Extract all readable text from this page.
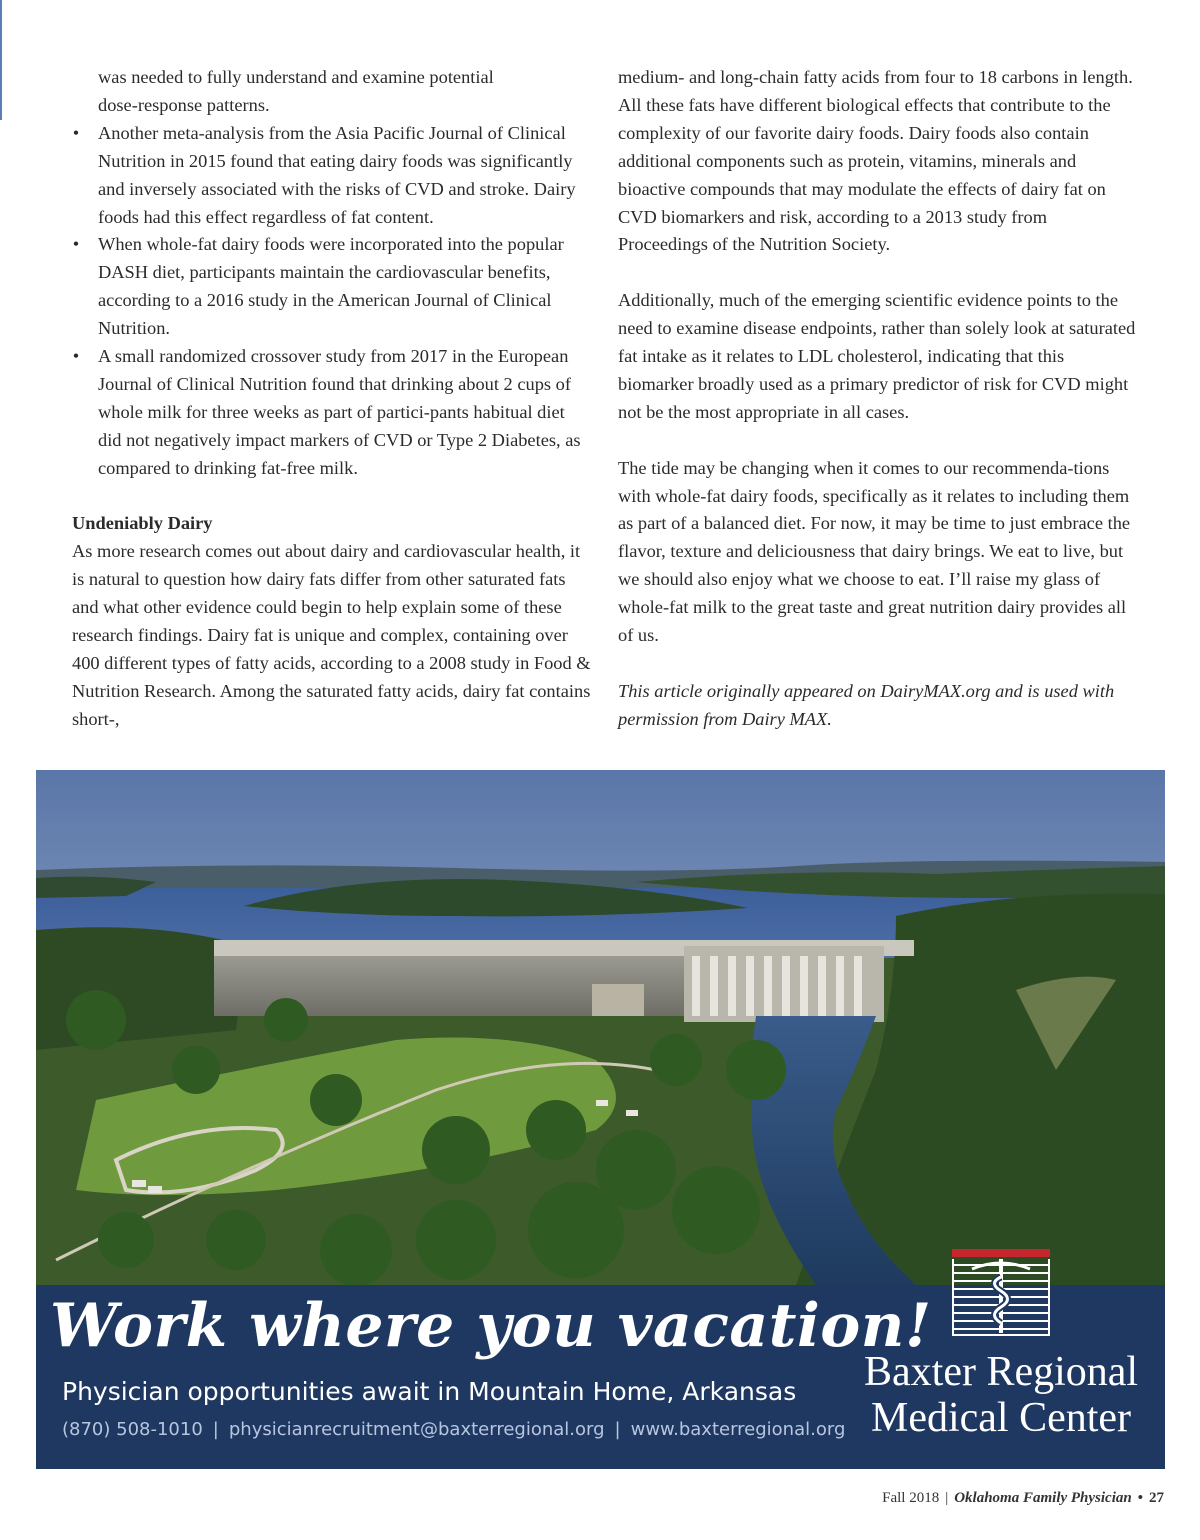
was needed to fully understand and examine potential

dose-response patterns.

• Another meta-analysis from the Asia Pacific Journal of Clinical Nutrition in 2015 found that eating dairy foods was significantly and inversely associated with the risks of CVD and stroke. Dairy foods had this effect regardless of fat content.
• When whole-fat dairy foods were incorporated into the popular DASH diet, participants maintain the cardiovascular benefits, according to a 2016 study in the American Journal of Clinical Nutrition.
• A small randomized crossover study from 2017 in the European Journal of Clinical Nutrition found that drinking about 2 cups of whole milk for three weeks as part of partici-pants habitual diet did not negatively impact markers of CVD or Type 2 Diabetes, as compared to drinking fat-free milk.
Undeniably Dairy

As more research comes out about dairy and cardiovascular health, it is natural to question how dairy fats differ from other saturated fats and what other evidence could begin to help explain some of these research findings. Dairy fat is unique and complex, containing over 400 different types of fatty acids, according to a 2008 study in Food & Nutrition Research. Among the saturated fatty acids, dairy fat contains short-,

medium- and long-chain fatty acids from four to 18 carbons in length. All these fats have different biological effects that contribute to the complexity of our favorite dairy foods. Dairy foods also contain additional components such as protein, vitamins, minerals and bioactive compounds that may modulate the effects of dairy fat on CVD biomarkers and risk, according to a 2013 study from Proceedings of the Nutrition Society.

Additionally, much of the emerging scientific evidence points to the need to examine disease endpoints, rather than solely look at saturated fat intake as it relates to LDL cholesterol, indicating that this biomarker broadly used as a primary predictor of risk for CVD might not be the most appropriate in all cases.

The tide may be changing when it comes to our recommenda-tions with whole-fat dairy foods, specifically as it relates to including them as part of a balanced diet. For now, it may be time to just embrace the flavor, texture and deliciousness that dairy brings. We eat to live, but we should also enjoy what we choose to eat. I’ll raise my glass of whole-fat milk to the great taste and great nutrition dairy provides all of us.

This article originally appeared on DairyMAX.org and is used with permission from Dairy MAX.

Work where you vacation!
Physician opportunities await in Mountain Home, Arkansas
(870) 508-1010 | physicianrecruitment@baxterregional.org | www.baxterregional.org
Baxter Regional
Medical Center
Fall 2018 | Oklahoma Family Physician • 27
